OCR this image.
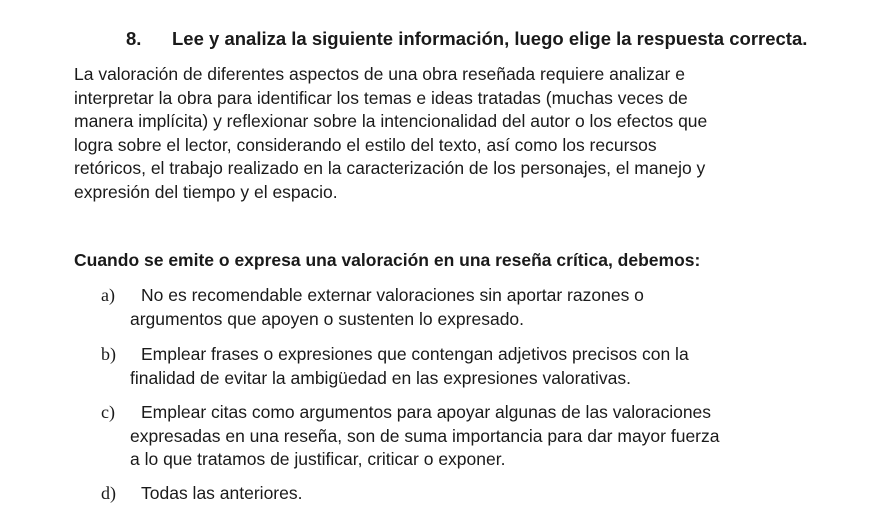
8. Lee y analiza la siguiente información, luego elige la respuesta correcta.
La valoración de diferentes aspectos de una obra reseñada requiere analizar e
interpretar la obra para identificar los temas e ideas tratadas (muchas veces de
manera implícita) y reflexionar sobre la intencionalidad del autor o los efectos que
logra sobre el lector, considerando el estilo del texto, así como los recursos
retóricos, el trabajo realizado en la caracterización de los personajes, el manejo y
expresión del tiempo y el espacio.
Cuando se emite o expresa una valoración en una reseña crítica, debemos:
a) No es recomendable externar valoraciones sin aportar razones o
argumentos que apoyen o sustenten lo expresado.
b) Emplear frases o expresiones que contengan adjetivos precisos con la
finalidad de evitar la ambigüedad en las expresiones valorativas.
c) Emplear citas como argumentos para apoyar algunas de las valoraciones
expresadas en una reseña, son de suma importancia para dar mayor fuerza
a lo que tratamos de justificar, criticar o exponer.
d) Todas las anteriores.
